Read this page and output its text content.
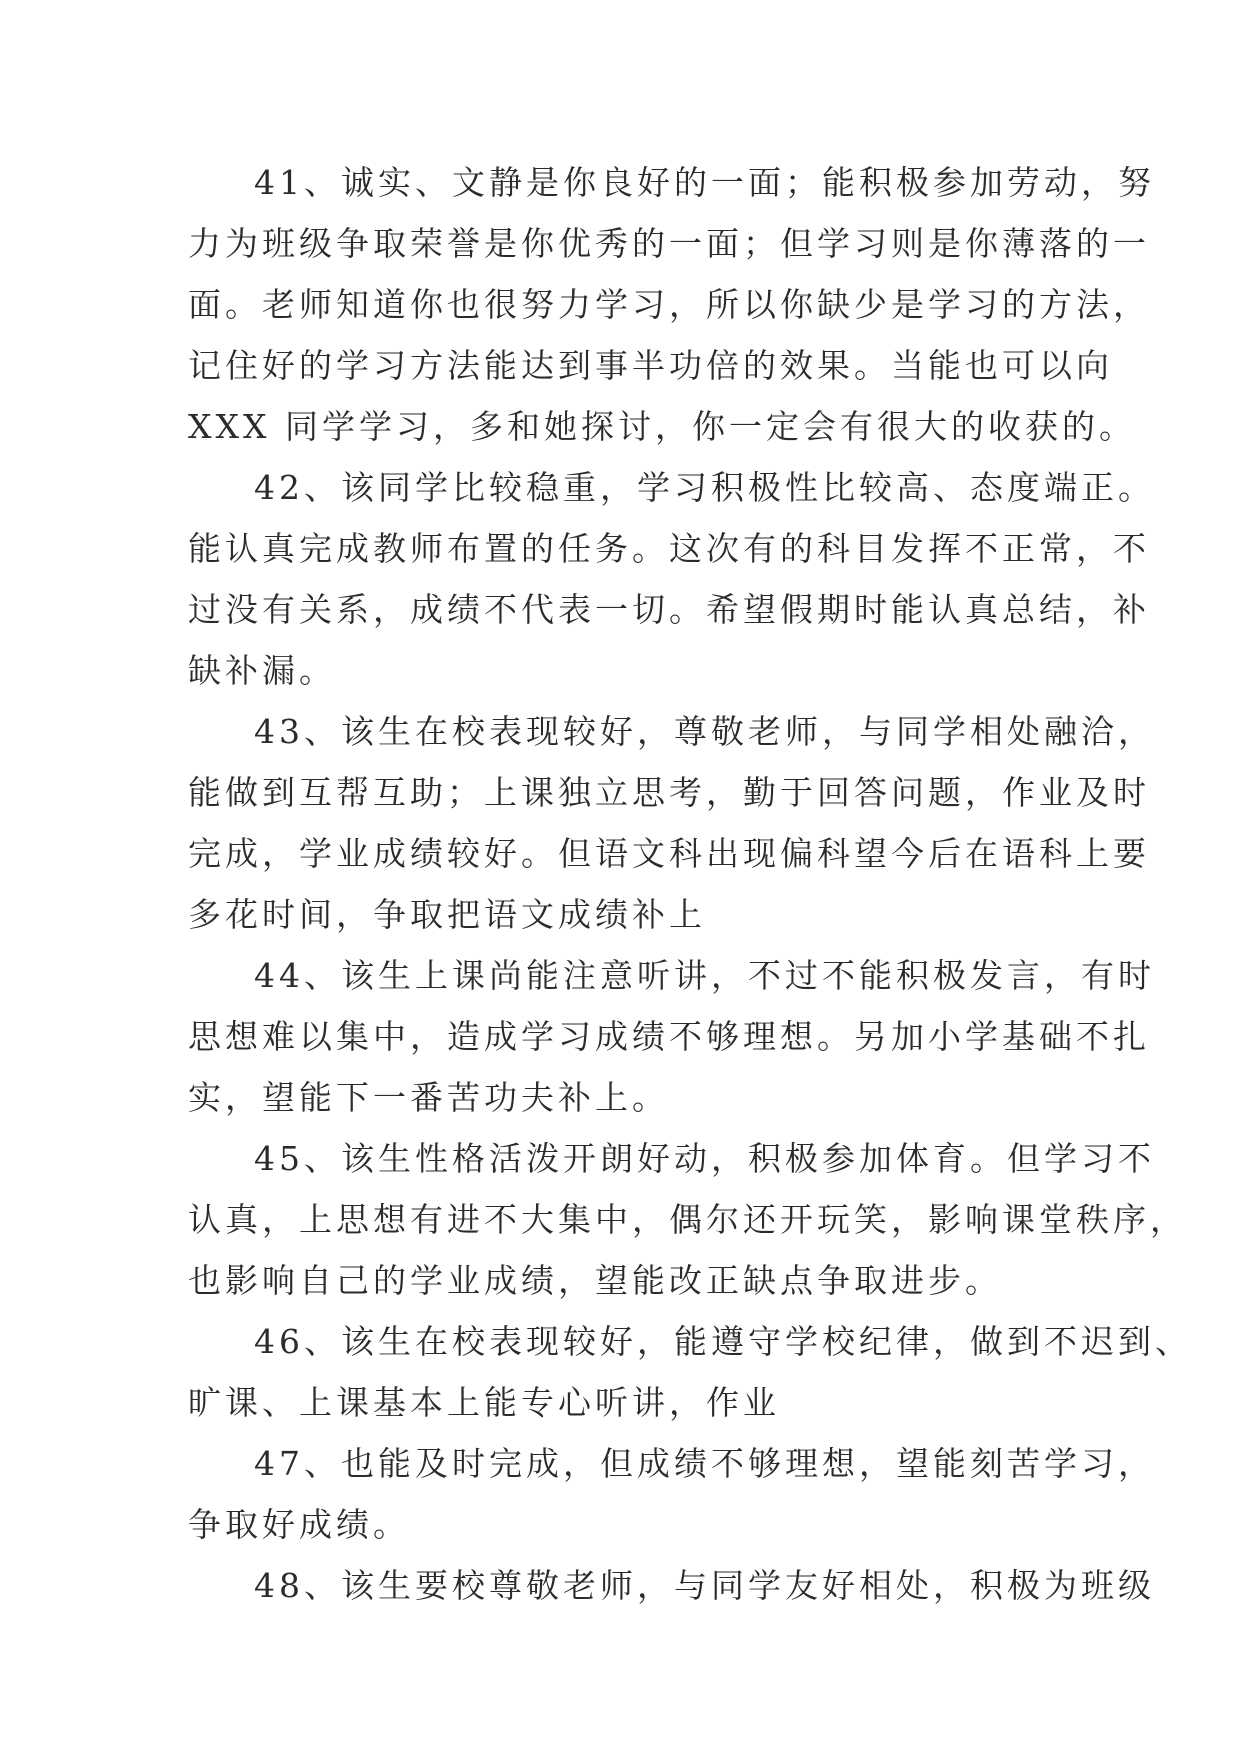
41、诚实、文静是你良好的一面；能积极参加劳动，努
力为班级争取荣誉是你优秀的一面；但学习则是你薄落的一
面。老师知道你也很努力学习，所以你缺少是学习的方法，
记住好的学习方法能达到事半功倍的效果。当能也可以向
XXX 同学学习，多和她探讨，你一定会有很大的收获的。
42、该同学比较稳重，学习积极性比较高、态度端正。
能认真完成教师布置的任务。这次有的科目发挥不正常，不
过没有关系，成绩不代表一切。希望假期时能认真总结，补
缺补漏。
43、该生在校表现较好，尊敬老师，与同学相处融洽，
能做到互帮互助；上课独立思考，勤于回答问题，作业及时
完成，学业成绩较好。但语文科出现偏科望今后在语科上要
多花时间，争取把语文成绩补上
44、该生上课尚能注意听讲，不过不能积极发言，有时
思想难以集中，造成学习成绩不够理想。另加小学基础不扎
实，望能下一番苦功夫补上。
45、该生性格活泼开朗好动，积极参加体育。但学习不
认真，上思想有进不大集中，偶尔还开玩笑，影响课堂秩序，
也影响自己的学业成绩，望能改正缺点争取进步。
46、该生在校表现较好，能遵守学校纪律，做到不迟到、
旷课、上课基本上能专心听讲，作业
47、也能及时完成，但成绩不够理想，望能刻苦学习，
争取好成绩。
48、该生要校尊敬老师，与同学友好相处，积极为班级
